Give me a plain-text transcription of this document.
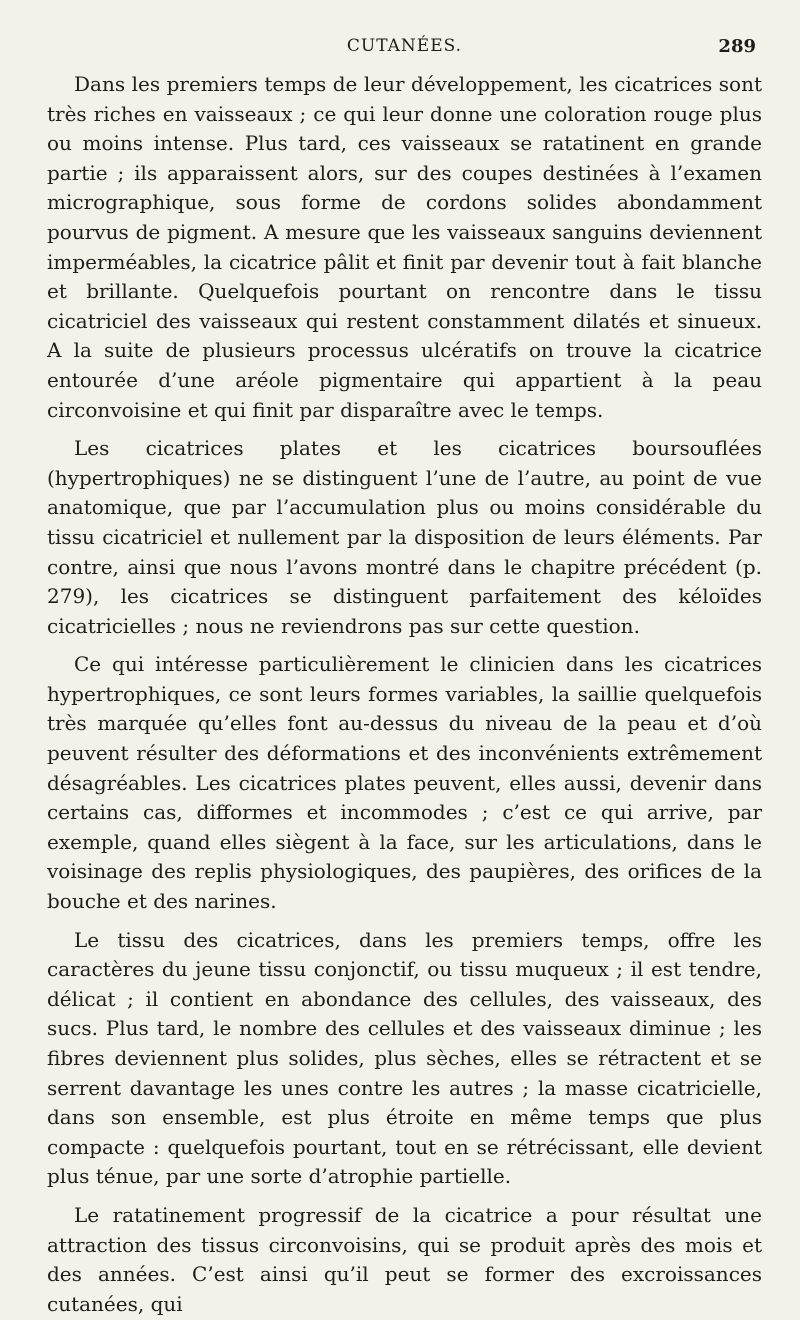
CUTANÉES.	289

Dans les premiers temps de leur développement, les cicatrices sont très riches en vaisseaux ; ce qui leur donne une coloration rouge plus ou moins intense. Plus tard, ces vaisseaux se ratatinent en grande partie ; ils apparaissent alors, sur des coupes destinées à l’examen micrographique, sous forme de cordons solides abondamment pourvus de pigment. A mesure que les vaisseaux sanguins deviennent imperméables, la cicatrice pâlit et finit par devenir tout à fait blanche et brillante. Quelquefois pourtant on rencontre dans le tissu cicatriciel des vaisseaux qui restent constamment dilatés et sinueux. A la suite de plusieurs processus ulcératifs on trouve la cicatrice entourée d’une aréole pigmentaire qui appartient à la peau circonvoisine et qui finit par disparaître avec le temps.

Les cicatrices plates et les cicatrices boursouflées (hypertrophiques) ne se distinguent l’une de l’autre, au point de vue anatomique, que par l’accumulation plus ou moins considérable du tissu cicatriciel et nullement par la disposition de leurs éléments. Par contre, ainsi que nous l’avons montré dans le chapitre précédent (p. 279), les cicatrices se distinguent parfaitement des kéloïdes cicatricielles ; nous ne reviendrons pas sur cette question.

Ce qui intéresse particulièrement le clinicien dans les cicatrices hypertrophiques, ce sont leurs formes variables, la saillie quelquefois très marquée qu’elles font au-dessus du niveau de la peau et d’où peuvent résulter des déformations et des inconvénients extrêmement désagréables. Les cicatrices plates peuvent, elles aussi, devenir dans certains cas, difformes et incommodes ; c’est ce qui arrive, par exemple, quand elles siègent à la face, sur les articulations, dans le voisinage des replis physiologiques, des paupières, des orifices de la bouche et des narines.

Le tissu des cicatrices, dans les premiers temps, offre les caractères du jeune tissu conjonctif, ou tissu muqueux ; il est tendre, délicat ; il contient en abondance des cellules, des vaisseaux, des sucs. Plus tard, le nombre des cellules et des vaisseaux diminue ; les fibres deviennent plus solides, plus sèches, elles se rétractent et se serrent davantage les unes contre les autres ; la masse cicatricielle, dans son ensemble, est plus étroite en même temps que plus compacte : quelquefois pourtant, tout en se rétrécissant, elle devient plus ténue, par une sorte d’atrophie partielle.

Le ratatinement progressif de la cicatrice a pour résultat une attraction des tissus circonvoisins, qui se produit après des mois et des années. C’est ainsi qu’il peut se former des excroissances cutanées, qui
